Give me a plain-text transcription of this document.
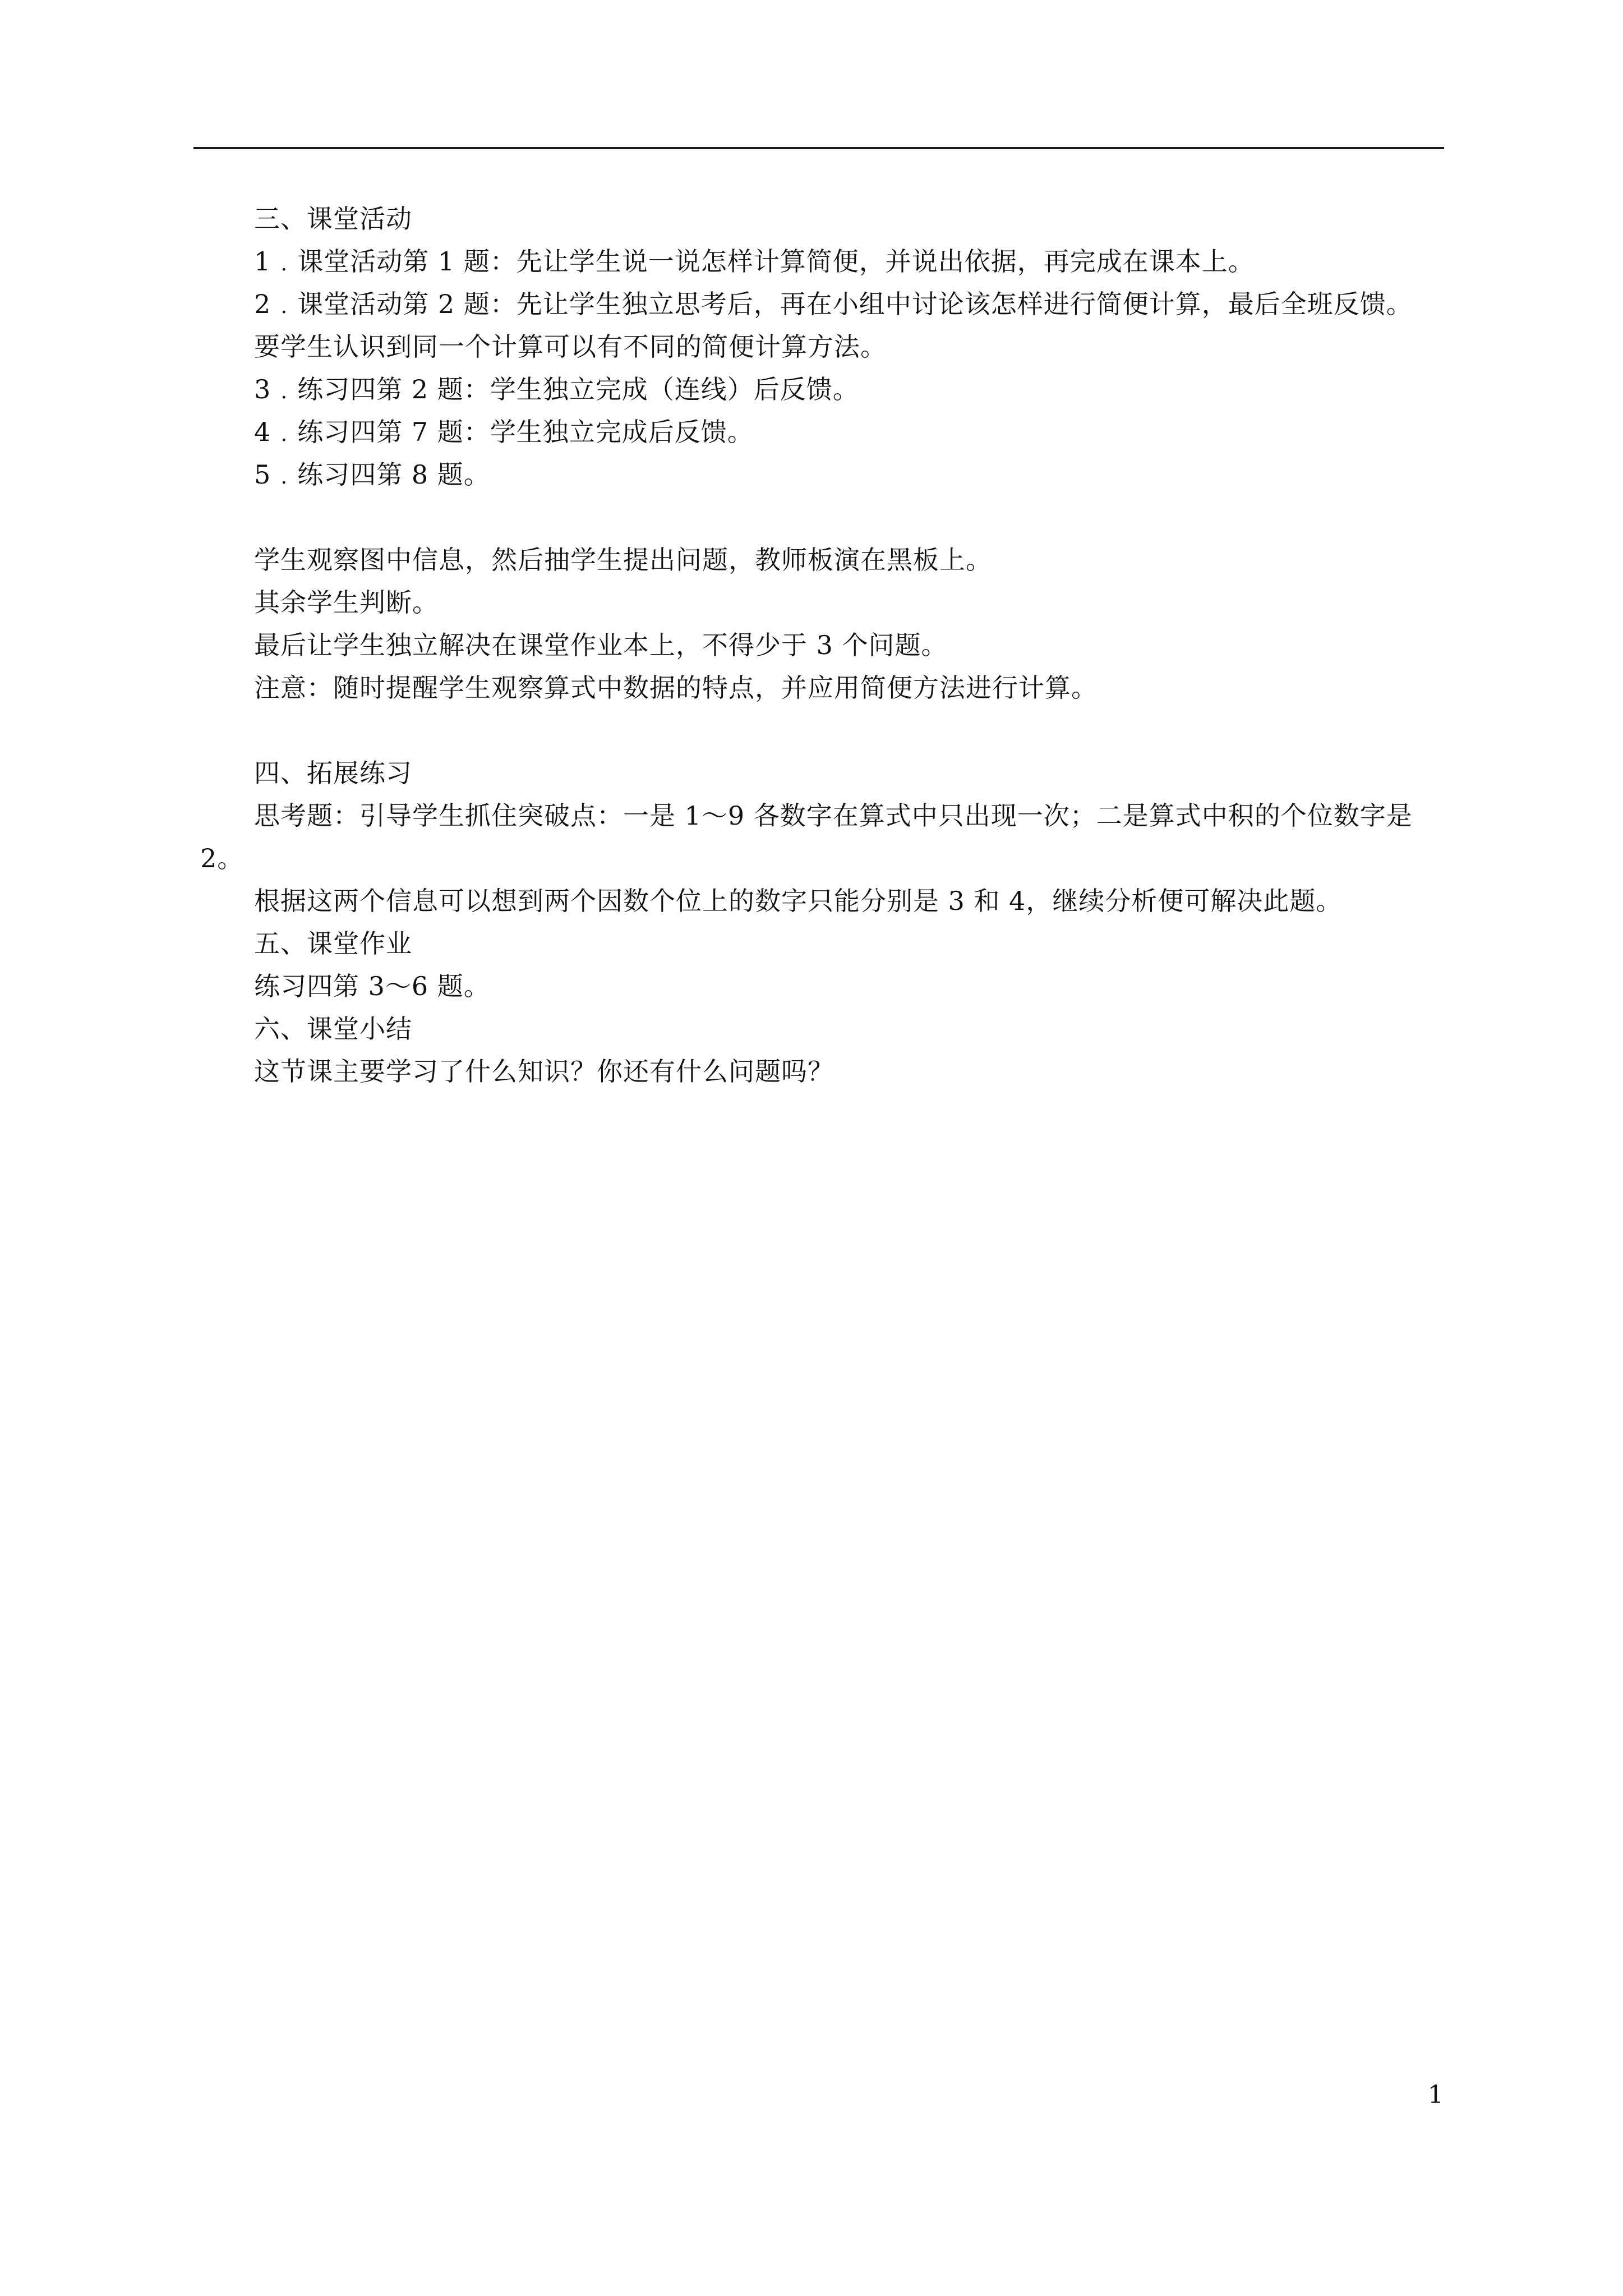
三、课堂活动

1﹒课堂活动第 1 题：先让学生说一说怎样计算简便，并说出依据，再完成在课本上。

2﹒课堂活动第 2 题：先让学生独立思考后，再在小组中讨论该怎样进行简便计算，最后全班反馈。

要学生认识到同一个计算可以有不同的简便计算方法。

3﹒练习四第 2 题：学生独立完成（连线）后反馈。

4﹒练习四第 7 题：学生独立完成后反馈。

5﹒练习四第 8 题。

学生观察图中信息，然后抽学生提出问题，教师板演在黑板上。

其余学生判断。

最后让学生独立解决在课堂作业本上，不得少于 3 个问题。

注意：随时提醒学生观察算式中数据的特点，并应用简便方法进行计算。

四、拓展练习

思考题：引导学生抓住突破点：一是 1～9 各数字在算式中只出现一次；二是算式中积的个位数字是 2。

根据这两个信息可以想到两个因数个位上的数字只能分别是 3 和 4，继续分析便可解决此题。

五、课堂作业

练习四第 3～6 题。

六、课堂小结

这节课主要学习了什么知识？你还有什么问题吗？

1
